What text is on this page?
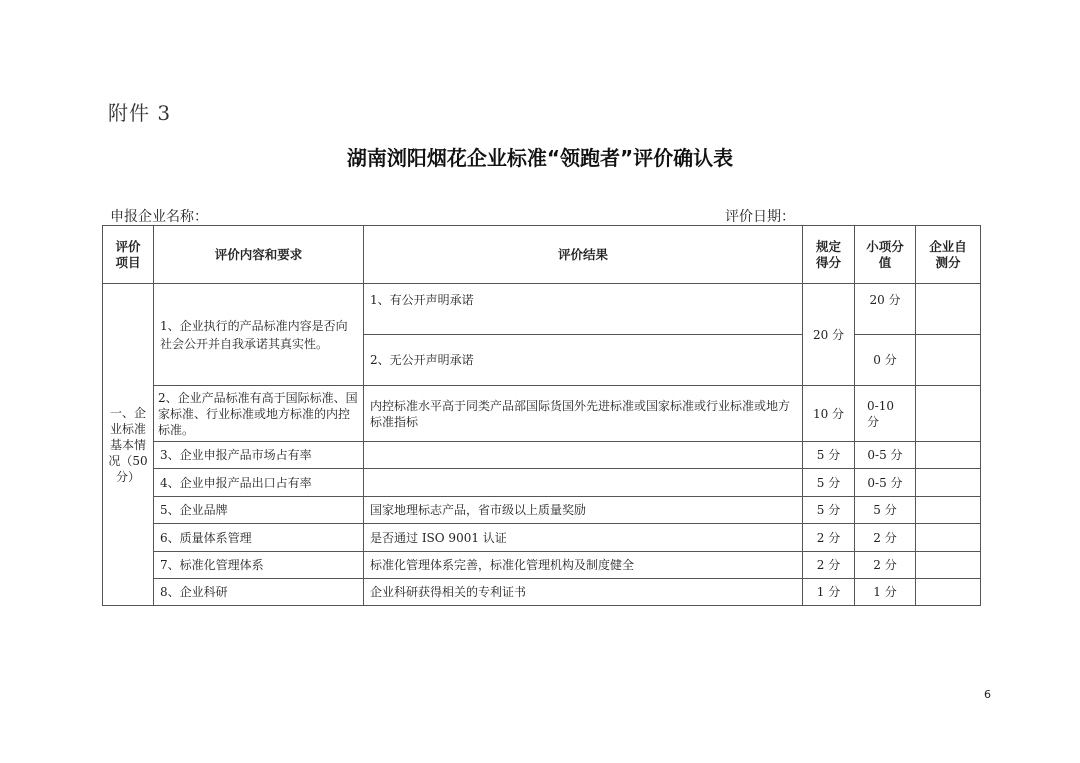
附件 3
湖南浏阳烟花企业标准“领跑者”评价确认表
申报企业名称：	评价日期：
评价项目	评价内容和要求	评价结果	规定得分	小项分值	企业自测分
一、企业标准基本情况（50分）	1、企业执行的产品标准内容是否向社会公开并自我承诺其真实性。	1、有公开声明承诺	20 分	20 分	
		2、无公开声明承诺		0 分	
	2、企业产品标准有高于国际标准、国家标准、行业标准或地方标准的内控标准。	内控标准水平高于同类产品部国际货国外先进标准或国家标准或行业标准或地方标准指标	10 分	0-10 分	
	3、企业申报产品市场占有率		5 分	0-5 分	
	4、企业申报产品出口占有率		5 分	0-5 分	
	5、企业品牌	国家地理标志产品，省市级以上质量奖励	5 分	5 分	
	6、质量体系管理	是否通过 ISO 9001 认证	2 分	2 分	
	7、标准化管理体系	标准化管理体系完善，标准化管理机构及制度健全	2 分	2 分	
	8、企业科研	企业科研获得相关的专利证书	1 分	1 分	
6
